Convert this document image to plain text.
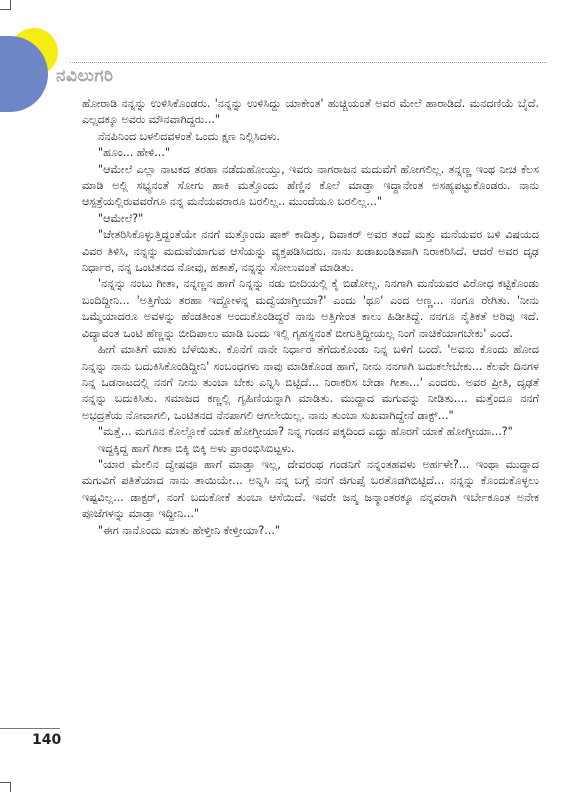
ನವಿಲುಗರಿ

ಹೋರಾಡಿ ನನ್ನನ್ನು ಉಳಿಸಿಕೊಂಡರು. 'ನನ್ನನ್ನು ಉಳಿಸಿದ್ದು ಯಾಕೇಂತ' ಹುಚ್ಚಿಯಂತೆ ಅವರ ಮೇಲೆ ಹಾರಾಡಿದೆ. ಮನದಣಿಯೆ ಬೈದೆ. ಎಲ್ಲದಕ್ಕೂ ಅವರು ಮೌನವಾಗಿದ್ದರು..."

ನೆನಪಿನಿಂದ ಬಳಲಿದವಳಂತೆ ಒಂದು ಕ್ಷಣ ನಿಲ್ಲಿಸಿದಳು.

"ಹೂಂ... ಹೇಳಿ..."

"ಆಮೇಲೆ ಎಲ್ಲಾ ನಾಟಕದ ತರಹಾ ನಡೆದುಹೋಯ್ತು, ಇವರು ನಾಗರಾಜನ ಮದುವೆಗೆ ಹೋಗಲಿಲ್ಲ. ತನ್ನಣ್ಣ ಇಂಥ ನೀಚ ಕೆಲಸ ಮಾಡಿ ಅಲ್ಲಿ ಸಭ್ಯನಂತೆ ಸೋಗು ಹಾಕಿ ಮತ್ತೊಂದು ಹೆಣ್ಣಿನ ಕೊಲೆ ಮಾಡ್ತಾ ಇದ್ದಾನೇಂತ ಅಸಹ್ಯಪಟ್ಟುಕೊಂಡರು. ನಾನು ಆಸ್ಪತ್ರೆಯಲ್ಲಿರುವವರೆಗೂ ನನ್ನ ಮನೆಯವರಾರೂ ಬರಲಿಲ್ಲ.. ಮುಂದೆಯೂ ಬರಲಿಲ್ಲ..."

"ಆಮೇಲೆ?"

"ಚೇತರಿಸಿಕೊಳ್ಳುತ್ತಿದ್ದಂತೆಯೇ ನನಗೆ ಮತ್ತೊಂದು ಷಾಕ್ ಕಾದಿತ್ತು, ದಿವಾಕರ್ ಅವರ ತಂದೆ ಮತ್ತು ಮನೆಯವರ ಬಳಿ ವಿಷಯದ ವಿವರ ತಿಳಿಸಿ, ನನ್ನನ್ನು ಮದುವೆಯಾಗುವ ಆಸೆಯನ್ನು ವ್ಯಕ್ತಪಡಿಸಿದರು. ನಾನು ಖಡಾಖಂಡಿತವಾಗಿ ನಿರಾಕರಿಸಿದೆ. ಆದರೆ ಅವರ ದೃಢ ನಿರ್ಧಾರ, ನನ್ನ ಒಂಟಿತನದ ನೋವು, ಹತಾಶೆ, ನನ್ನನ್ನು ಸೋಲುವಂತೆ ಮಾಡಿತು.

'ನನ್ನನ್ನು ನಂಬು ಗೀತಾ, ನನ್ನಣ್ಣನ ಹಾಗೆ ನಿನ್ನನ್ನು ನಡು ಬೀದಿಯಲ್ಲಿ ಕೈ ಬಿಡೋಲ್ಲ. ನಿನಗಾಗಿ ಮನೆಯವರ ವಿರೋಧ ಕಟ್ಟಿಕೊಂಡು ಬಂದಿದ್ದೀನಿ... 'ಅತ್ತಿಗೆಯ ತರಹಾ ಇದ್ದೋಳನ್ನ ಮದ್ವೆಯಾಗ್ತೀಯಾ?' ಎಂದು 'ಥೂ' ಎಂದ ಅಣ್ಣ... ನಂಗೂ ರೇಗಿತು. 'ನೀನು ಒಮ್ಮೆಯಾದರೂ ಅವಳನ್ನು ಹೆಂಡತೀಂತ ಅಂದುಕೊಂಡಿದ್ದರೆ ನಾನು ಅತ್ತಿಗೇಂತ ಕಾಲು ಹಿಡೀತಿದ್ದೆ. ನನಗೂ ನೈತಿಕತೆ ಅರಿವು ಇದೆ. ವಿದ್ಯಾವಂತ ಒಂಟಿ ಹೆಣ್ಣನ್ನು ಬೀದಿಪಾಲು ಮಾಡಿ ಬಂದು ಇಲ್ಲಿ ಗೃಹಸ್ಥನಂತೆ ಬೀಗುತ್ತಿದ್ದೀಯಲ್ಲ ನಿಂಗೆ ನಾಚಿಕೆಯಾಗಬೇಕು' ಎಂದೆ.

ಹೀಗೆ ಮಾತಿಗೆ ಮಾತು ಬೆಳೆಯಿತು. ಕೊನೆಗೆ ನಾನೇ ನಿರ್ಧಾರ ತೆಗೆದುಕೊಂಡು ನಿನ್ನ ಬಳಿಗೆ ಬಂದೆ. 'ಅವನು ಕೊಂದು ಹೋದ ನಿನ್ನನ್ನು ನಾನು ಬದುಕಿಸಿಕೊಂಡಿದ್ದೀನಿ' ಸಂಬಂಧಗಳು ನಾವು ಮಾಡಿಕೊಂಡ ಹಾಗೆ, ನೀನು ನನಗಾಗಿ ಬದುಕಲೇಬೇಕು... ಕೆಲವೇ ದಿನಗಳ ನಿನ್ನ ಒಡನಾಟದಲ್ಲಿ ನನಗೆ ನೀನು ತುಂಬಾ ಬೇಕು ಎನ್ನಿಸಿ ಬಿಟ್ಟಿದೆ... ನಿರಾಕರಿಸ ಬೇಡಾ ಗೀತಾ...' ಎಂದರು. ಅವರ ಪ್ರೀತಿ, ದೃಢತೆ ನನ್ನನ್ನು ಬದುಕಿಸಿತು. ಸಮಾಜದ ಕಣ್ಣಲ್ಲಿ ಗೃಹಿಣಿಯನ್ನಾಗಿ ಮಾಡಿತು. ಮುದ್ದಾದ ಮಗುವನ್ನು ನೀಡಿತು.... ಮತ್ತೆಂದೂ ನನಗೆ ಅಭದ್ರತೆಯ ನೋವಾಗಲಿ, ಒಂಟಿತನದ ನೆನಪಾಗಲಿ ಆಗಲೇಯಿಲ್ಲ. ನಾನು ತುಂಬಾ ಸುಖವಾಗಿದ್ದೇನೆ ಡಾಕ್ಟ್..."

"ಮತ್ತೆ... ಮಗೂನ ಕೊಲ್ಲೋಕೆ ಯಾಕೆ ಹೋಗ್ತೀಯಾ? ನಿನ್ನ ಗಂಡನ ಪಕ್ಕದಿಂದ ಎದ್ದು ಹೊರಗೆ ಯಾಕೆ ಹೋಗ್ತೀಯಾ...?"

ಇದ್ದಕ್ಕಿದ್ದ ಹಾಗೆ ಗೀತಾ ಬಿಕ್ಕಿ ಬಿಕ್ಕಿ ಅಳು ಪ್ರಾರಂಭಿಸಿಬಿಟ್ಟಳು.

"ಯಾರ ಮೇಲಿನ ದ್ವೇಷವೂ ಹಾಗೆ ಮಾಡ್ತಾ ಇಲ್ಲ, ದೇವರಂಥ ಗಂಡನಿಗೆ ನನ್ನಂತಹವಳು ಅರ್ಹಳೇ?... ಇಂಥಾ ಮುದ್ದಾದ ಮಗುವಿಗೆ ಪತಿತೆಯಾದ ನಾನು ತಾಯಿಯೇ... ಅನ್ನಿಸಿ ನನ್ನ ಬಗ್ಗೆ ನನಗೆ ಜಿಗುಪ್ಸೆ ಬರತೊಡಗಿಬಿಟ್ಟಿದೆ... ನನ್ನನ್ನು ಕೊಂದುಕೊಳ್ಳಲು ಇಷ್ಟವಿಲ್ಲ... ಡಾಕ್ಟರ್, ನಂಗೆ ಬದುಕೋಕೆ ತುಂಬಾ ಆಸೆಯಿದೆ. ಇವರೇ ಜನ್ಮ ಜನ್ಮಾಂತರಕ್ಕೂ ನನ್ನವರಾಗಿ ಇರ್ಬೇಕೂಂತ ಅನೇಕ ಪೂಜೆಗಳನ್ನು ಮಾಡ್ತಾ ಇದ್ದೀನಿ..."

"ಈಗ ನಾನೊಂದು ಮಾತು ಹೇಳ್ತೀನಿ ಕೇಳ್ತೀಯಾ?..."

140
